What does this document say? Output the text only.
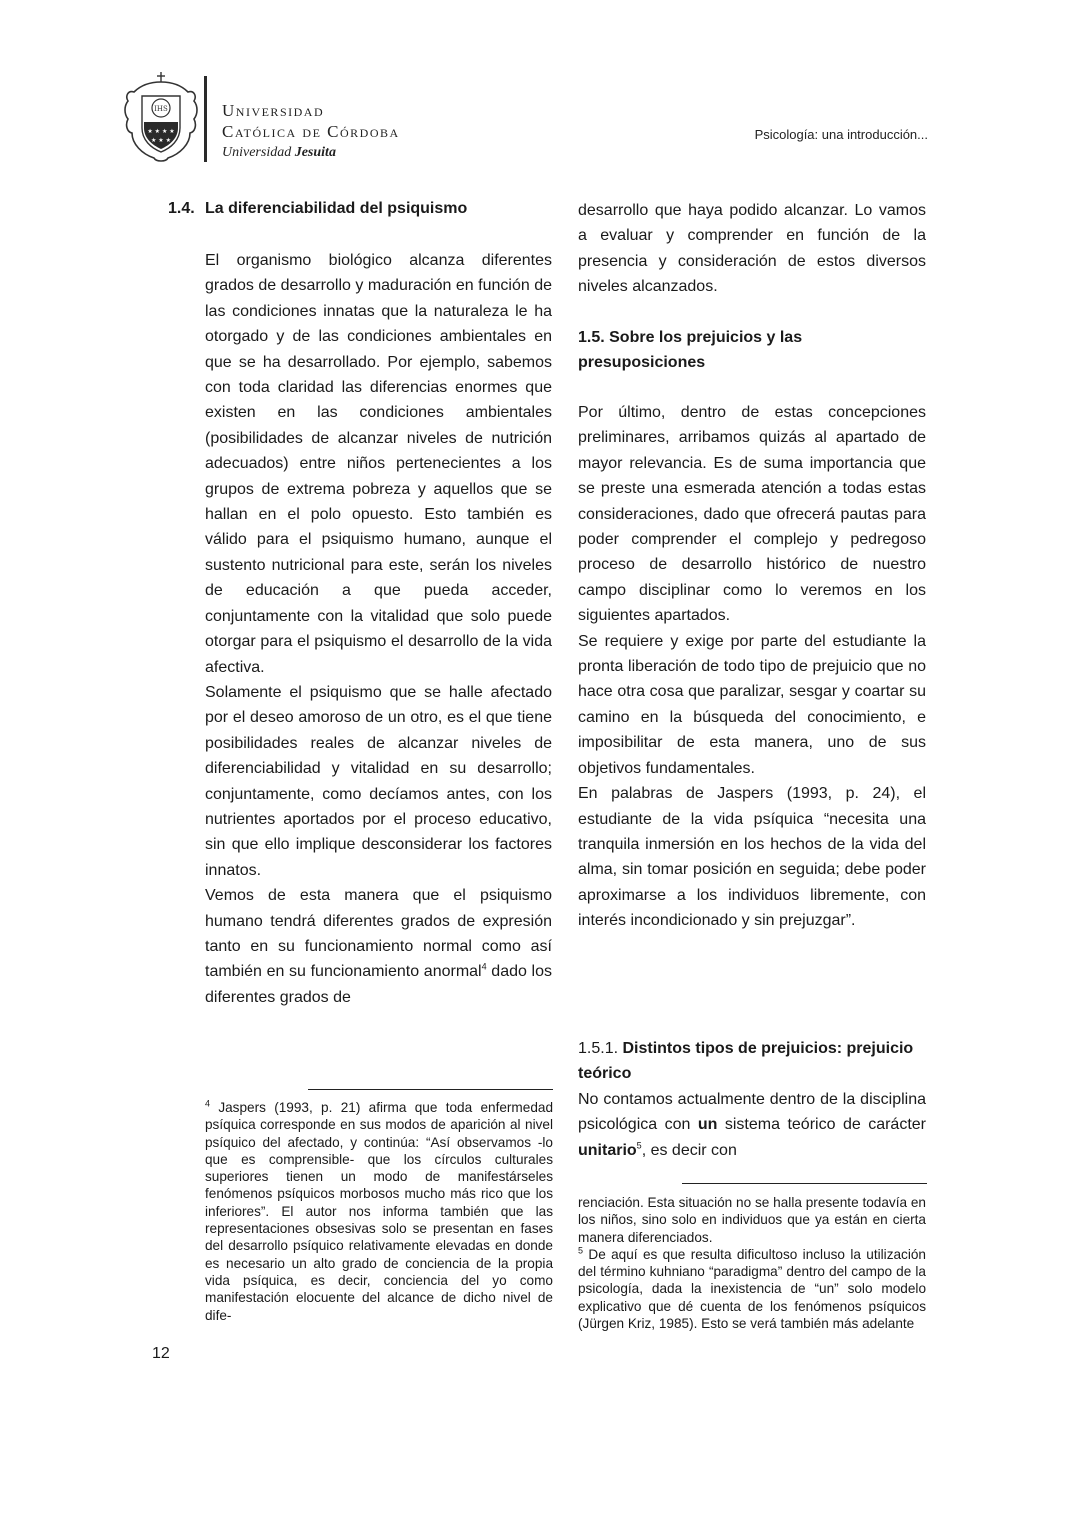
IHS
★ ★ ★ ★
★ ★ ★
Universidad
Católica de Córdoba
Universidad Jesuita
Psicología: una introducción...
1.4. La diferenciabilidad del psiquismo

El organismo biológico alcanza diferentes grados de desarrollo y maduración en función de las condiciones innatas que la naturaleza le ha otorgado y de las condiciones ambientales en que se ha desarrollado. Por ejemplo, sabemos con toda claridad las diferencias enormes que existen en las condiciones ambientales (posibilidades de alcanzar niveles de nutrición adecuados) entre niños pertenecientes a los grupos de extrema pobreza y aquellos que se hallan en el polo opuesto. Esto también es válido para el psiquismo humano, aunque el sustento nutricional para este, serán los niveles de educación a que pueda acceder, conjuntamente con la vitalidad que solo puede otorgar para el psiquismo el desarrollo de la vida afectiva.

Solamente el psiquismo que se halle afectado por el deseo amoroso de un otro, es el que tiene posibilidades reales de alcanzar niveles de diferenciabilidad y vitalidad en su desarrollo; conjuntamente, como decíamos antes, con los nutrientes aportados por el proceso educativo, sin que ello implique desconsiderar los factores innatos.

Vemos de esta manera que el psiquismo humano tendrá diferentes grados de expresión tanto en su funcionamiento normal como así también en su funcionamiento anormal$^4$ dado los diferentes grados de

$^4$ Jaspers (1993, p. 21) afirma que toda enfermedad psíquica corresponde en sus modos de aparición al nivel psíquico del afectado, y continúa: “Así observamos -lo que es comprensible- que los círculos culturales superiores tienen un modo de manifestárseles fenómenos psíquicos morbosos mucho más rico que los inferiores”. El autor nos informa también que las representaciones obsesivas solo se presentan en fases del desarrollo psíquico relativamente elevadas en donde es necesario un alto grado de conciencia de la propia vida psíquica, es decir, conciencia del yo como manifestación elocuente del alcance de dicho nivel de dife-

12

desarrollo que haya podido alcanzar. Lo vamos a evaluar y comprender en función de la presencia y consideración de estos diversos niveles alcanzados.

1.5. Sobre los prejuicios y las presuposiciones

Por último, dentro de estas concepciones preliminares, arribamos quizás al apartado de mayor relevancia. Es de suma importancia que se preste una esmerada atención a todas estas consideraciones, dado que ofrecerá pautas para poder comprender el complejo y pedregoso proceso de desarrollo histórico de nuestro campo disciplinar como lo veremos en los siguientes apartados.

Se requiere y exige por parte del estudiante la pronta liberación de todo tipo de prejuicio que no hace otra cosa que paralizar, sesgar y coartar su camino en la búsqueda del conocimiento, e imposibilitar de esta manera, uno de sus objetivos fundamentales.

En palabras de Jaspers (1993, p. 24), el estudiante de la vida psíquica “necesita una tranquila inmersión en los hechos de la vida del alma, sin tomar posición en seguida; debe poder aproximarse a los individuos libremente, con interés incondicionado y sin prejuzgar”.

1.5.1. Distintos tipos de prejuicios: prejuicio teórico

No contamos actualmente dentro de la disciplina psicológica con un sistema teórico de carácter unitario$^5$, es decir con

renciación. Esta situación no se halla presente todavía en los niños, sino solo en individuos que ya están en cierta manera diferenciados.

$^5$ De aquí es que resulta dificultoso incluso la utilización del término kuhniano “paradigma” dentro del campo de la psicología, dada la inexistencia de “un” solo modelo explicativo que dé cuenta de los fenómenos psíquicos (Jürgen Kriz, 1985). Esto se verá también más adelante
